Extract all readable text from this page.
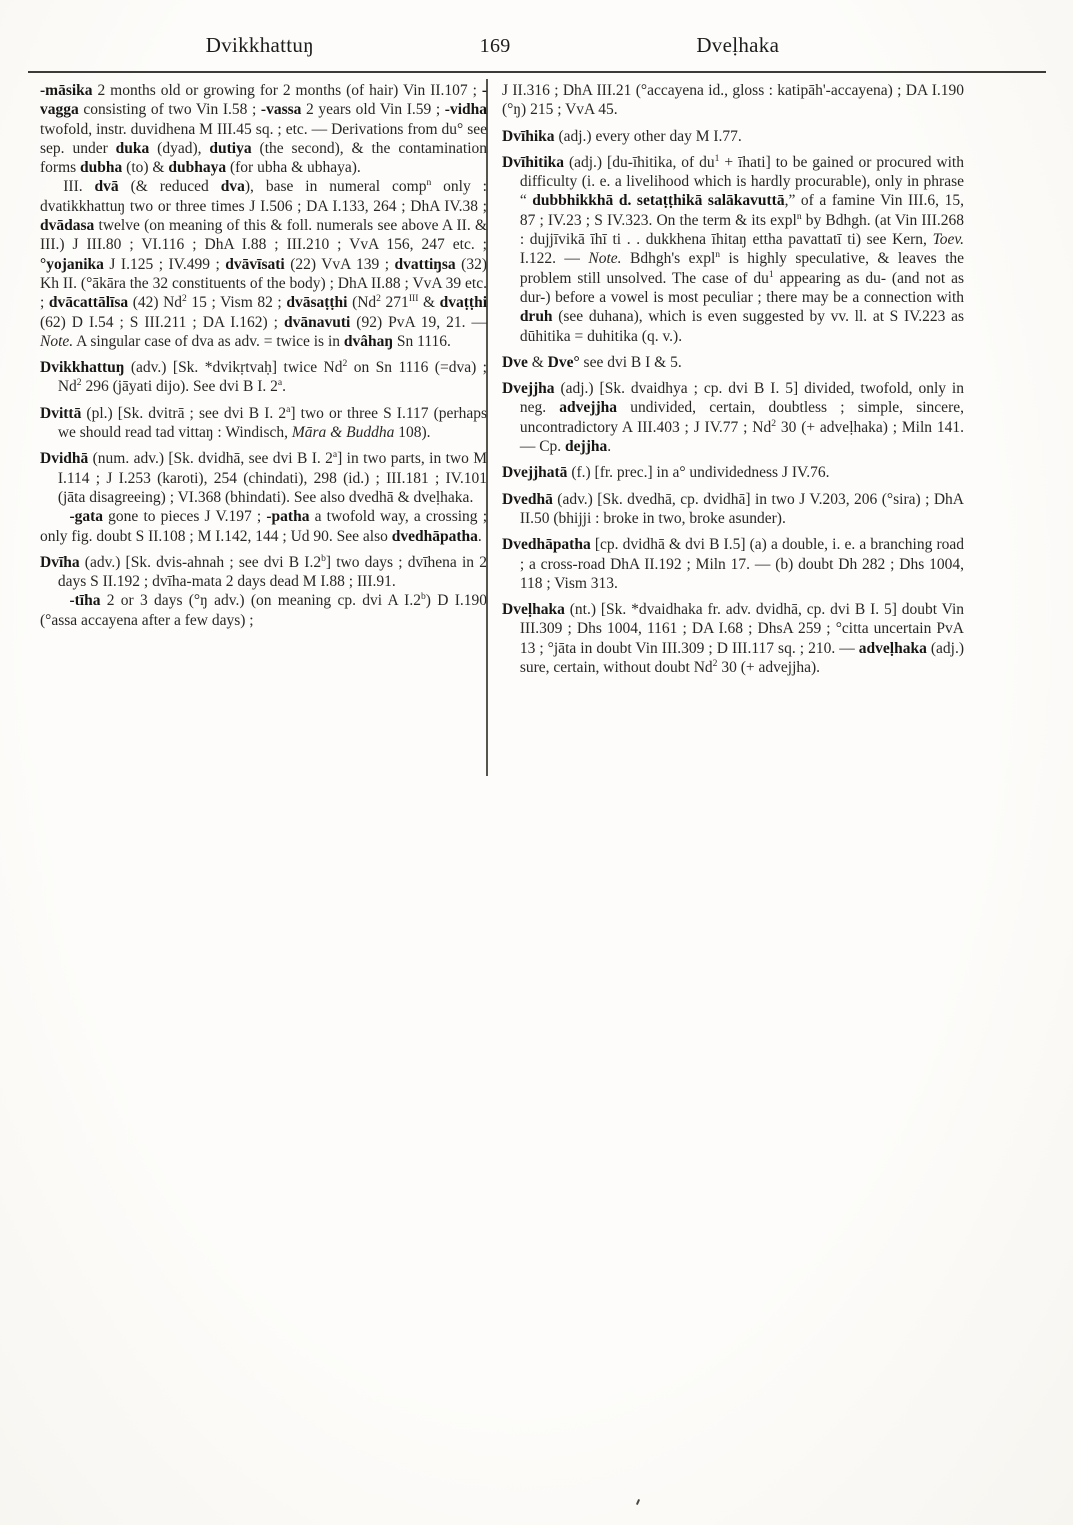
Dvikkhattuŋ	169	Dveḷhaka

-māsika 2 months old or growing for 2 months (of hair) Vin II.107 ; -vagga consisting of two Vin I.58 ; -vassa 2 years old Vin I.59 ; -vidha twofold, instr. duvidhena M III.45 sq. ; etc. — Derivations from du° see sep. under duka (dyad), dutiya (the second), & the contamination forms dubha (to) & dubhaya (for ubha & ubhaya).

III. dvā (& reduced dva), base in numeral comp$^n$ only : dvatikkhattuŋ two or three times J I.506 ; DA I.133, 264 ; DhA IV.38 ; dvādasa twelve (on meaning of this & foll. numerals see above A II. & III.) J III.80 ; VI.116 ; DhA I.88 ; III.210 ; VvA 156, 247 etc. ; °yojanika J I.125 ; IV.499 ; dvāvīsati (22) VvA 139 ; dvattiŋsa (32) Kh II. (°ākāra the 32 constituents of the body) ; DhA II.88 ; VvA 39 etc. ; dvācattālīsa (42) Nd$^2$ 15 ; Vism 82 ; dvāsaṭṭhi (Nd$^2$ $271^{III}$ & dvaṭṭhi (62) D I.54 ; S III.211 ; DA I.162) ; dvānavuti (92) PvA 19, 21. — Note. A singular case of dva as adv. = twice is in dvâhaŋ Sn 1116.

Dvikkhattuŋ (adv.) [Sk. *dvikṛtvaḥ] twice Nd$^2$ on Sn 1116 (=dva) ; Nd$^2$ 296 (jāyati dijo). See dvi B I. 2$^a$.

Dvittā (pl.) [Sk. dvitrā ; see dvi B I. 2$^a$] two or three S I.117 (perhaps we should read tad vittaŋ : Windisch, Māra & Buddha 108).

Dvidhā (num. adv.) [Sk. dvidhā, see dvi B I. 2$^a$] in two parts, in two M I.114 ; J I.253 (karoti), 254 (chindati), 298 (id.) ; III.181 ; IV.101 (jāta disagreeing) ; VI.368 (bhindati). See also dvedhā & dveḷhaka.

-gata gone to pieces J V.197 ; -patha a twofold way, a crossing ; only fig. doubt S II.108 ; M I.142, 144 ; Ud 90. See also dvedhāpatha.

Dvīha (adv.) [Sk. dvis-ahnah ; see dvi B I.2$^b$] two days ; dvīhena in 2 days S II.192 ; dvīha-mata 2 days dead M I.88 ; III.91.

-tīha 2 or 3 days (°ŋ adv.) (on meaning cp. dvi A I.2$^b$) D I.190 (°assa accayena after a few days) ;

J II.316 ; DhA III.21 (°accayena id., gloss : katipāh'-accayena) ; DA I.190 (°ŋ) 215 ; VvA 45.

Dvīhika (adj.) every other day M I.77.

Dvīhitika (adj.) [du-īhitika, of $du^1$ + īhati] to be gained or procured with difficulty (i. e. a livelihood which is hardly procurable), only in phrase “ dubbhikkhā d. setaṭṭhikā salākavuttā,” of a famine Vin III.6, 15, 87 ; IV.23 ; S IV.323. On the term & its expl$^n$ by Bdhgh. (at Vin III.268 : dujjīvikā īhī ti . . dukkhena īhitaŋ ettha pavattatī ti) see Kern, Toev. I.122. — Note. Bdhgh's expl$^n$ is highly speculative, & leaves the problem still unsolved. The case of $du^1$ appearing as du- (and not as dur-) before a vowel is most peculiar ; there may be a connection with druh (see duhana), which is even suggested by vv. ll. at S IV.223 as dūhitika = duhitika (q. v.).

Dve & Dve° see dvi B I & 5.

Dvejjha (adj.) [Sk. dvaidhya ; cp. dvi B I. 5] divided, twofold, only in neg. advejjha undivided, certain, doubtless ; simple, sincere, uncontradictory A III.403 ; J IV.77 ; Nd$^2$ 30 (+ adveḷhaka) ; Miln 141. — Cp. dejjha.

Dvejjhatā (f.) [fr. prec.] in a° undividedness J IV.76.

Dvedhā (adv.) [Sk. dvedhā, cp. dvidhā] in two J V.203, 206 (°sira) ; DhA II.50 (bhijji : broke in two, broke asunder).

Dvedhāpatha [cp. dvidhā & dvi B I.5] (a) a double, i. e. a branching road ; a cross-road DhA II.192 ; Miln 17. — (b) doubt Dh 282 ; Dhs 1004, 118 ; Vism 313.

Dveḷhaka (nt.) [Sk. *dvaidhaka fr. adv. dvidhā, cp. dvi B I. 5] doubt Vin III.309 ; Dhs 1004, 1161 ; DA I.68 ; DhsA 259 ; °citta uncertain PvA 13 ; °jāta in doubt Vin III.309 ; D III.117 sq. ; 210. — adveḷhaka (adj.) sure, certain, without doubt Nd$^2$ 30 (+ advejjha).
